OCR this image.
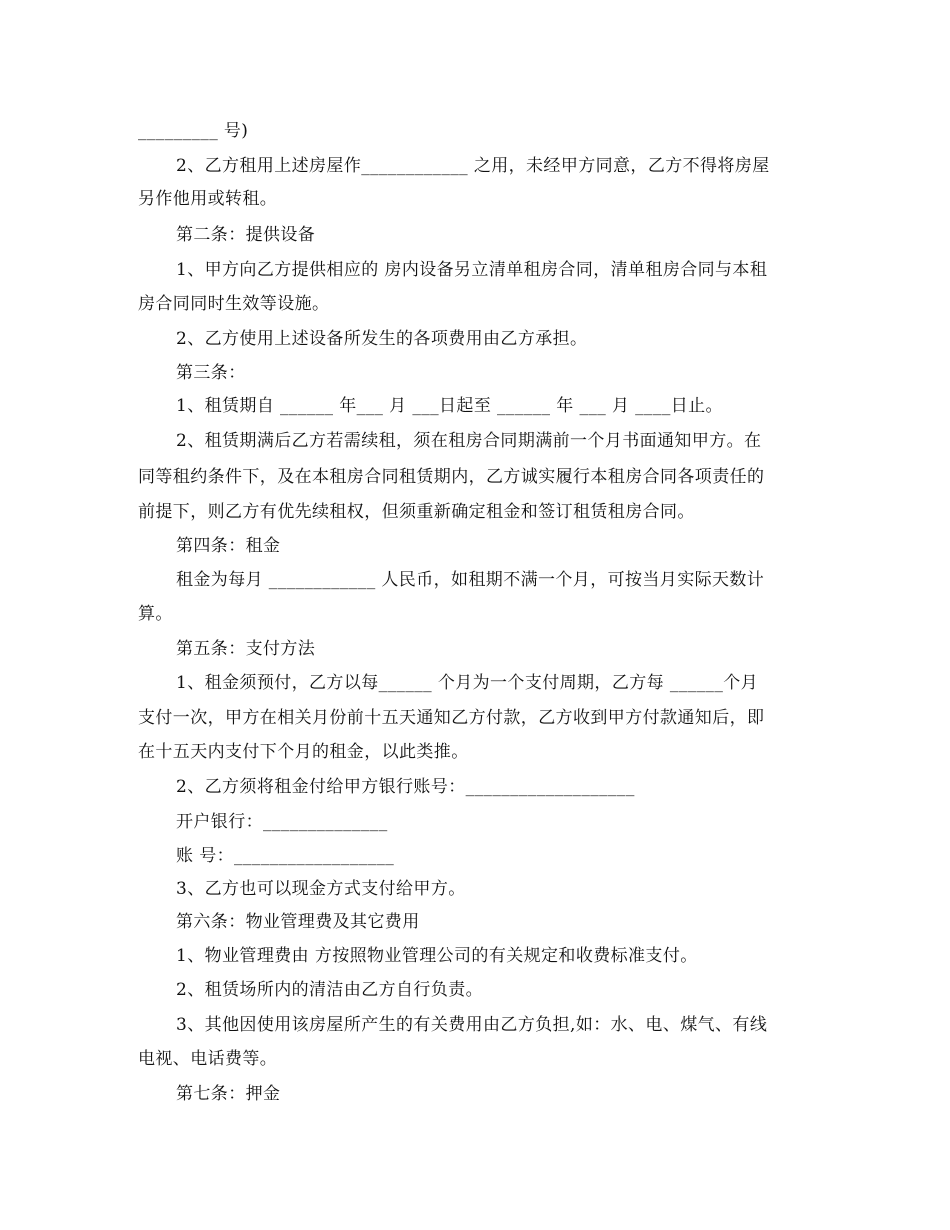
_________ 号)
2、乙方租用上述房屋作____________ 之用，未经甲方同意，乙方不得将房屋
另作他用或转租。
第二条：提供设备
1、甲方向乙方提供相应的 房内设备另立清单租房合同，清单租房合同与本租
房合同同时生效等设施。
2、乙方使用上述设备所发生的各项费用由乙方承担。
第三条：
1、租赁期自 ______ 年___ 月 ___日起至 ______ 年 ___ 月 ____日止。
2、租赁期满后乙方若需续租，须在租房合同期满前一个月书面通知甲方。在
同等租约条件下，及在本租房合同租赁期内，乙方诚实履行本租房合同各项责任的
前提下，则乙方有优先续租权，但须重新确定租金和签订租赁租房合同。
第四条：租金
租金为每月 ____________ 人民币，如租期不满一个月，可按当月实际天数计
算。
第五条：支付方法
1、租金须预付，乙方以每______ 个月为一个支付周期，乙方每 ______个月
支付一次，甲方在相关月份前十五天通知乙方付款，乙方收到甲方付款通知后，即
在十五天内支付下个月的租金，以此类推。
2、乙方须将租金付给甲方银行账号：___________________
开户银行：______________
账 号：__________________
3、乙方也可以现金方式支付给甲方。
第六条：物业管理费及其它费用
1、物业管理费由 方按照物业管理公司的有关规定和收费标准支付。
2、租赁场所内的清洁由乙方自行负责。
3、其他因使用该房屋所产生的有关费用由乙方负担,如：水、电、煤气、有线
电视、电话费等。
第七条：押金
